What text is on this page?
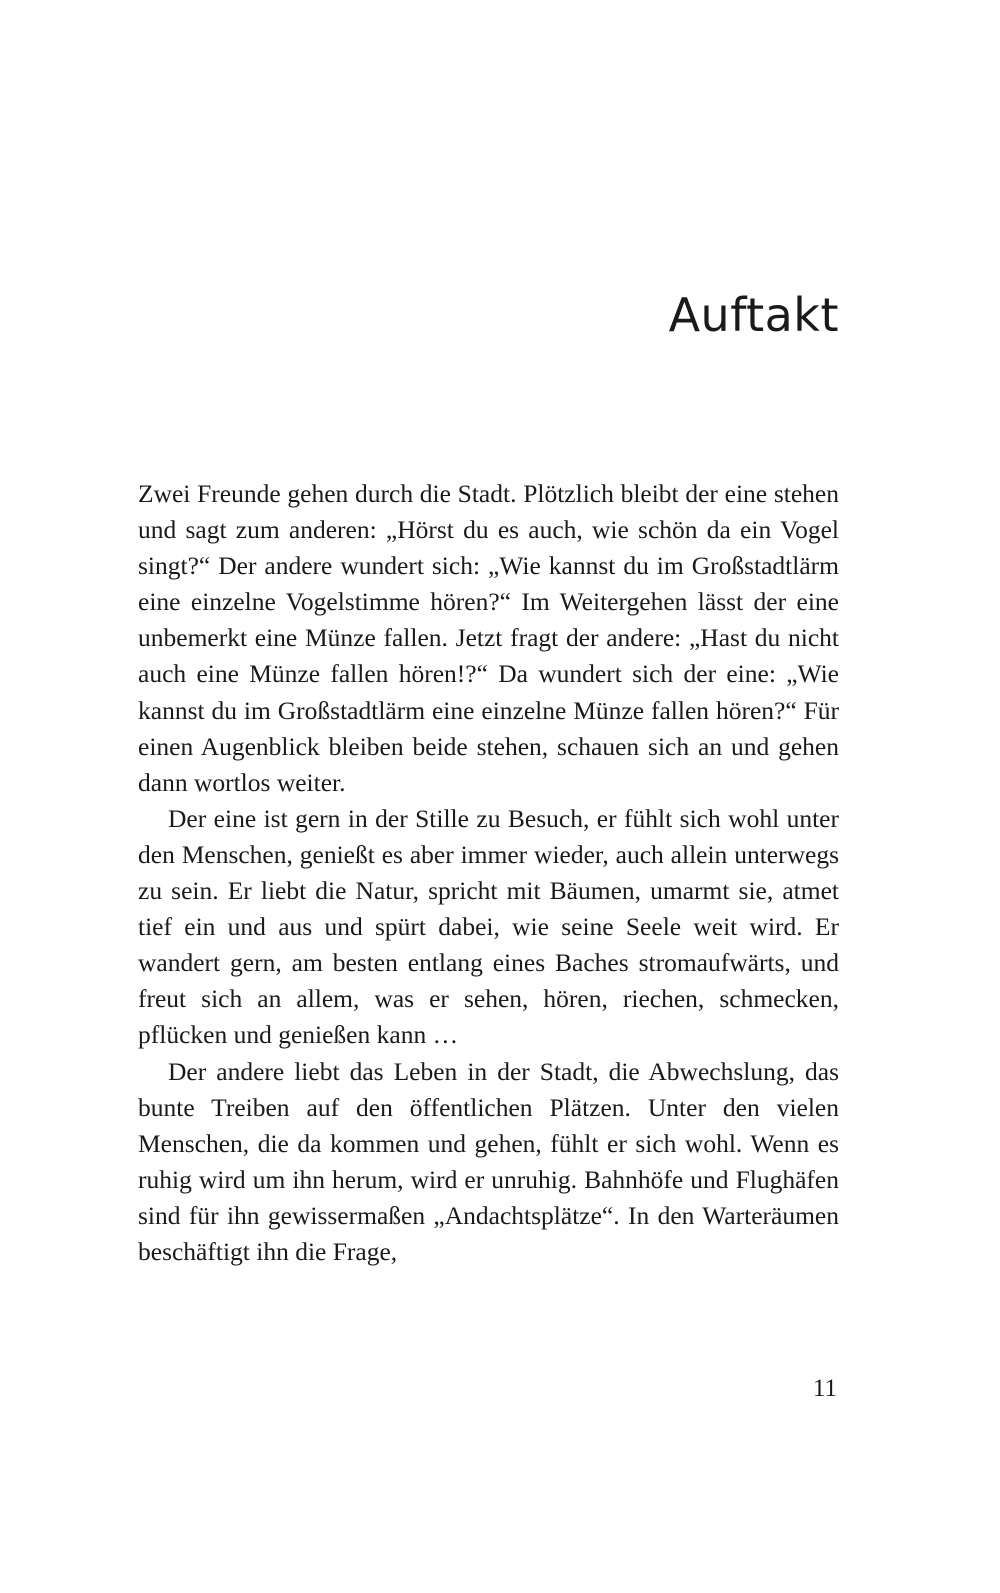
Auftakt

Zwei Freunde gehen durch die Stadt. Plötzlich bleibt der eine stehen und sagt zum anderen: „Hörst du es auch, wie schön da ein Vogel singt?“ Der andere wundert sich: „Wie kannst du im Großstadtlärm eine einzelne Vogelstimme hören?“ Im Weitergehen lässt der eine unbemerkt eine Münze fallen. Jetzt fragt der andere: „Hast du nicht auch eine Münze fallen hören!?“ Da wundert sich der eine: „Wie kannst du im Großstadtlärm eine einzelne Münze fallen hören?“ Für einen Augenblick bleiben beide stehen, schauen sich an und gehen dann wortlos weiter.

Der eine ist gern in der Stille zu Besuch, er fühlt sich wohl unter den Menschen, genießt es aber immer wieder, auch allein unterwegs zu sein. Er liebt die Natur, spricht mit Bäumen, umarmt sie, atmet tief ein und aus und spürt dabei, wie seine Seele weit wird. Er wandert gern, am besten entlang eines Baches stromaufwärts, und freut sich an allem, was er sehen, hören, riechen, schmecken, pflücken und genießen kann …

Der andere liebt das Leben in der Stadt, die Abwechslung, das bunte Treiben auf den öffentlichen Plätzen. Unter den vielen Menschen, die da kommen und gehen, fühlt er sich wohl. Wenn es ruhig wird um ihn herum, wird er unruhig. Bahnhöfe und Flughäfen sind für ihn gewissermaßen „Andachtsplätze“. In den Warteräumen beschäftigt ihn die Frage,

11
